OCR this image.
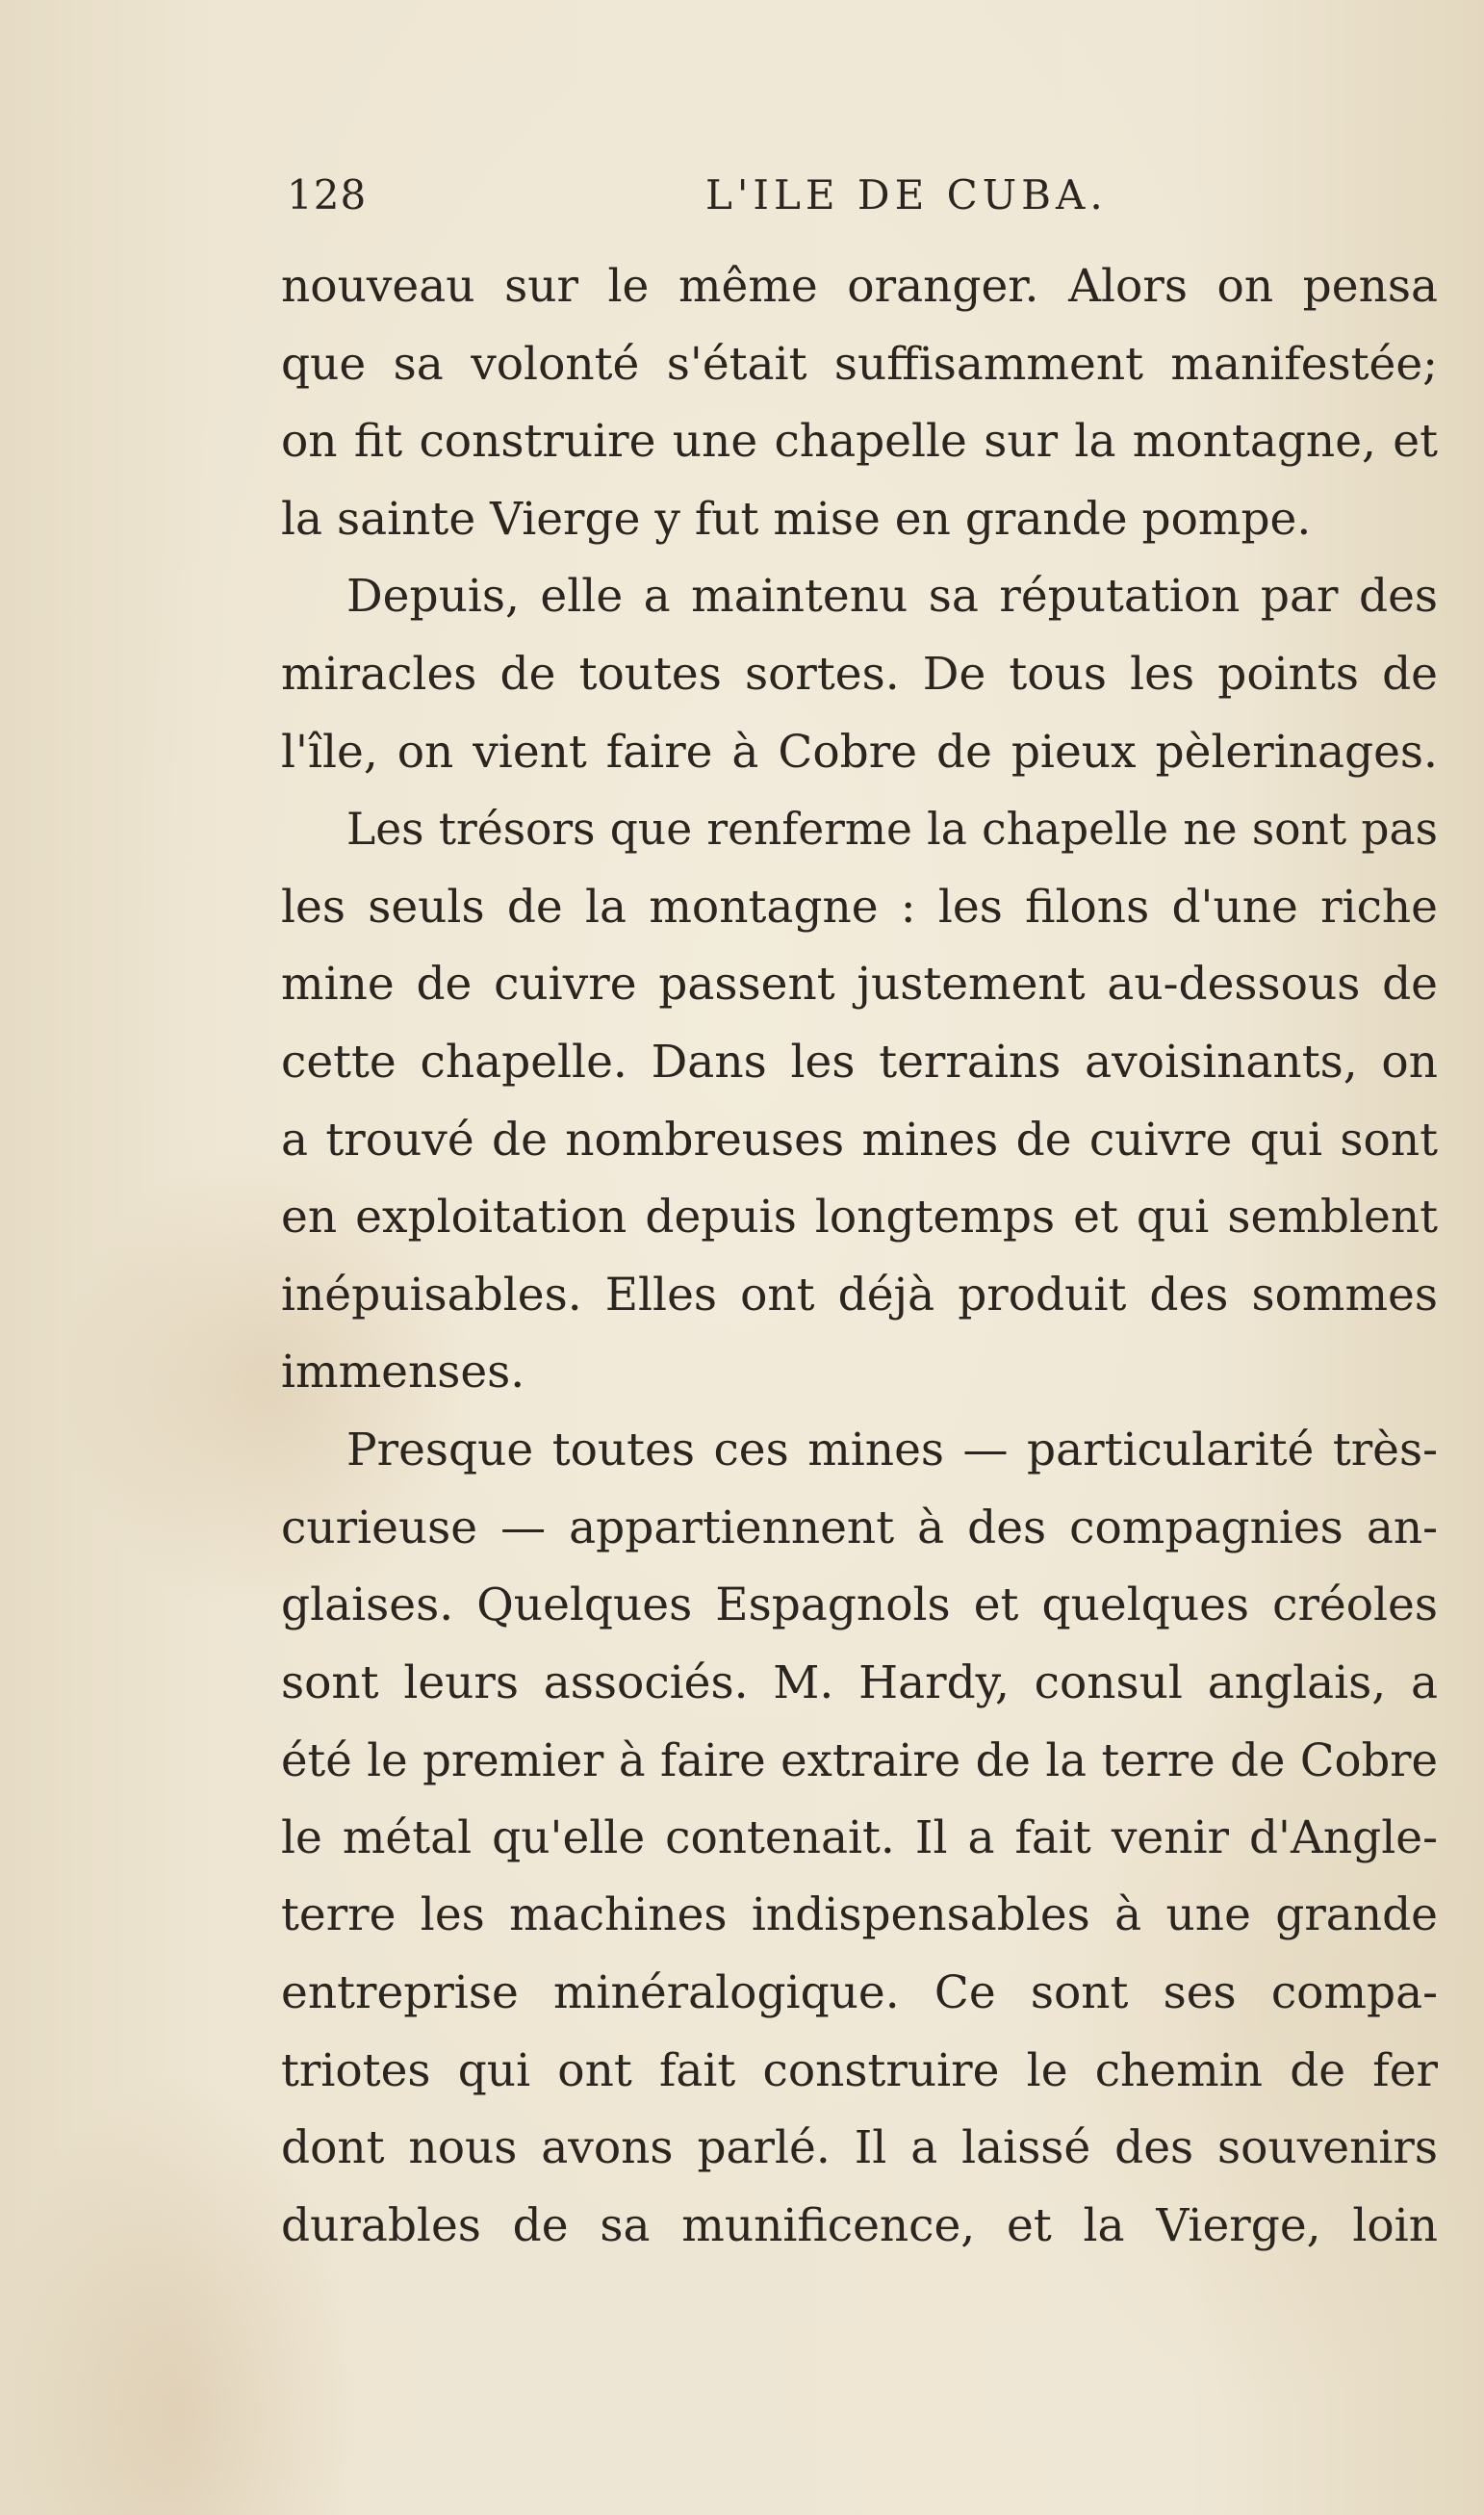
128	L'ILE DE CUBA.
nouveau sur le même oranger. Alors on pensa
que sa volonté s'était suffisamment manifestée;
on fit construire une chapelle sur la montagne, et
la sainte Vierge y fut mise en grande pompe.
Depuis, elle a maintenu sa réputation par des
miracles de toutes sortes. De tous les points de
l'île, on vient faire à Cobre de pieux pèlerinages.
Les trésors que renferme la chapelle ne sont pas
les seuls de la montagne : les filons d'une riche
mine de cuivre passent justement au-dessous de
cette chapelle. Dans les terrains avoisinants, on
a trouvé de nombreuses mines de cuivre qui sont
en exploitation depuis longtemps et qui semblent
inépuisables. Elles ont déjà produit des sommes
immenses.
Presque toutes ces mines — particularité très-
curieuse — appartiennent à des compagnies an-
glaises. Quelques Espagnols et quelques créoles
sont leurs associés. M. Hardy, consul anglais, a
été le premier à faire extraire de la terre de Cobre
le métal qu'elle contenait. Il a fait venir d'Angle-
terre les machines indispensables à une grande
entreprise minéralogique. Ce sont ses compa-
triotes qui ont fait construire le chemin de fer
dont nous avons parlé. Il a laissé des souvenirs
durables de sa munificence, et la Vierge, loin
